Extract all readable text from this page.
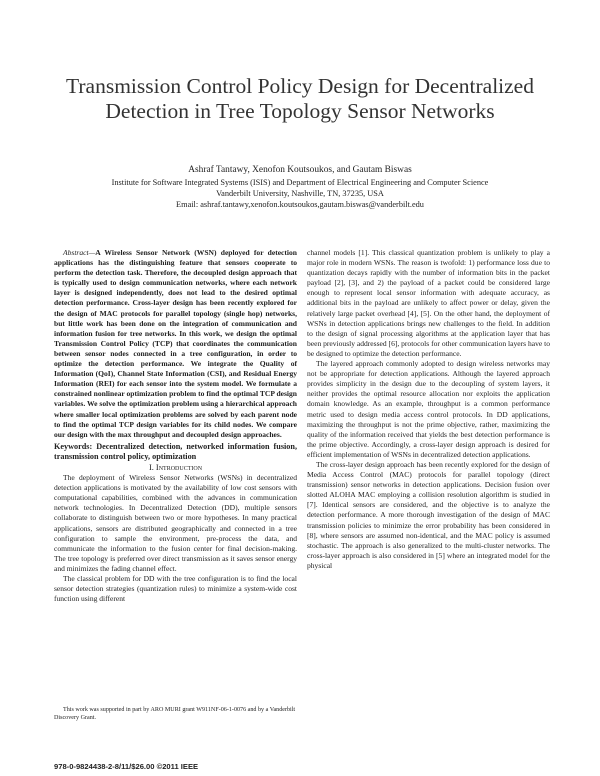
Transmission Control Policy Design for Decentralized Detection in Tree Topology Sensor Networks
Ashraf Tantawy, Xenofon Koutsoukos, and Gautam Biswas
Institute for Software Integrated Systems (ISIS) and Department of Electrical Engineering and Computer Science
Vanderbilt University, Nashville, TN, 37235, USA
Email: ashraf.tantawy,xenofon.koutsoukos,gautam.biswas@vanderbilt.edu

Abstract—A Wireless Sensor Network (WSN) deployed for detection applications has the distinguishing feature that sensors cooperate to perform the detection task. Therefore, the decoupled design approach that is typically used to design communication networks, where each network layer is designed independently, does not lead to the desired optimal detection performance. Cross-layer design has been recently explored for the design of MAC protocols for parallel topology (single hop) networks, but little work has been done on the integration of communication and information fusion for tree networks. In this work, we design the optimal Transmission Control Policy (TCP) that coordinates the communication between sensor nodes connected in a tree configuration, in order to optimize the detection performance. We integrate the Quality of Information (QoI), Channel State Information (CSI), and Residual Energy Information (REI) for each sensor into the system model. We formulate a constrained nonlinear optimization problem to find the optimal TCP design variables. We solve the optimization problem using a hierarchical approach where smaller local optimization problems are solved by each parent node to find the optimal TCP design variables for its child nodes. We compare our design with the max throughput and decoupled design approaches.

Keywords: Decentralized detection, networked information fusion, transmission control policy, optimization

I. Introduction

The deployment of Wireless Sensor Networks (WSNs) in decentralized detection applications is motivated by the availability of low cost sensors with computational capabilities, combined with the advances in communication network technologies. In Decentralized Detection (DD), multiple sensors collaborate to distinguish between two or more hypotheses. In many practical applications, sensors are distributed geographically and connected in a tree configuration to sample the environment, pre-process the data, and communicate the information to the fusion center for final decision-making. The tree topology is preferred over direct transmission as it saves sensor energy and minimizes the fading channel effect.

The classical problem for DD with the tree configuration is to find the local sensor detection strategies (quantization rules) to minimize a system-wide cost function using different

This work was supported in part by ARO MURI grant W911NF-06-1-0076 and by a Vanderbilt Discovery Grant.

channel models [1]. This classical quantization problem is unlikely to play a major role in modern WSNs. The reason is twofold: 1) performance loss due to quantization decays rapidly with the number of information bits in the packet payload [2], [3], and 2) the payload of a packet could be considered large enough to represent local sensor information with adequate accuracy, as additional bits in the payload are unlikely to affect power or delay, given the relatively large packet overhead [4], [5]. On the other hand, the deployment of WSNs in detection applications brings new challenges to the field. In addition to the design of signal processing algorithms at the application layer that has been previously addressed [6], protocols for other communication layers have to be designed to optimize the detection performance.

The layered approach commonly adopted to design wireless networks may not be appropriate for detection applications. Although the layered approach provides simplicity in the design due to the decoupling of system layers, it neither provides the optimal resource allocation nor exploits the application domain knowledge. As an example, throughput is a common performance metric used to design media access control protocols. In DD applications, maximizing the throughput is not the prime objective, rather, maximizing the quality of the information received that yields the best detection performance is the prime objective. Accordingly, a cross-layer design approach is desired for efficient implementation of WSNs in decentralized detection applications.

The cross-layer design approach has been recently explored for the design of Media Access Control (MAC) protocols for parallel topology (direct transmission) sensor networks in detection applications. Decision fusion over slotted ALOHA MAC employing a collision resolution algorithm is studied in [7]. Identical sensors are considered, and the objective is to analyze the detection performance. A more thorough investigation of the design of MAC transmission policies to minimize the error probability has been considered in [8], where sensors are assumed non-identical, and the MAC policy is assumed stochastic. The approach is also generalized to the multi-cluster networks. The cross-layer approach is also considered in [5] where an integrated model for the physical

978-0-9824438-2-8/11/$26.00 ©2011 IEEE
